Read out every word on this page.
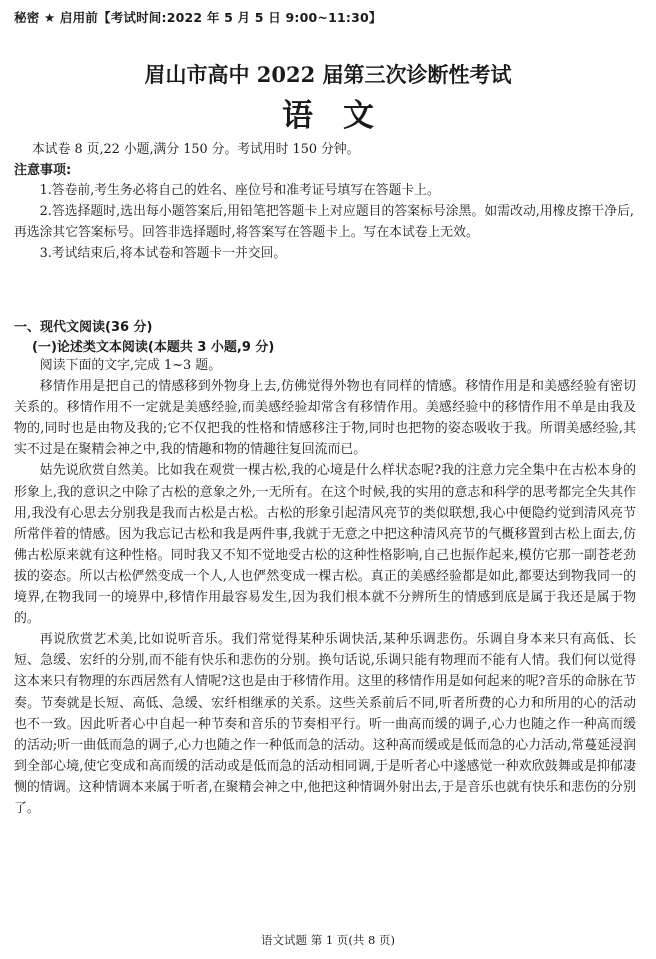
秘密 ★ 启用前【考试时间:2022 年 5 月 5 日 9:00~11:30】
眉山市高中 2022 届第三次诊断性考试
语文
本试卷 8 页,22 小题,满分 150 分。考试用时 150 分钟。
注意事项:

1.答卷前,考生务必将自己的姓名、座位号和准考证号填写在答题卡上。

2.答选择题时,选出每小题答案后,用铅笔把答题卡上对应题目的答案标号涂黑。如需改动,用橡皮擦干净后,再选涂其它答案标号。回答非选择题时,将答案写在答题卡上。写在本试卷上无效。

3.考试结束后,将本试卷和答题卡一并交回。

一、现代文阅读(36 分)
(一)论述类文本阅读(本题共 3 小题,9 分)

阅读下面的文字,完成 1~3 题。

移情作用是把自己的情感移到外物身上去,仿佛觉得外物也有同样的情感。移情作用是和美感经验有密切关系的。移情作用不一定就是美感经验,而美感经验却常含有移情作用。美感经验中的移情作用不单是由我及物的,同时也是由物及我的;它不仅把我的性格和情感移注于物,同时也把物的姿态吸收于我。所谓美感经验,其实不过是在聚精会神之中,我的情趣和物的情趣往复回流而已。

姑先说欣赏自然美。比如我在观赏一棵古松,我的心境是什么样状态呢?我的注意力完全集中在古松本身的形象上,我的意识之中除了古松的意象之外,一无所有。在这个时候,我的实用的意志和科学的思考都完全失其作用,我没有心思去分别我是我而古松是古松。古松的形象引起清风亮节的类似联想,我心中便隐约觉到清风亮节所常伴着的情感。因为我忘记古松和我是两件事,我就于无意之中把这种清风亮节的气概移置到古松上面去,仿佛古松原来就有这种性格。同时我又不知不觉地受古松的这种性格影响,自己也振作起来,模仿它那一副苍老劲拔的姿态。所以古松俨然变成一个人,人也俨然变成一棵古松。真正的美感经验都是如此,都要达到物我同一的境界,在物我同一的境界中,移情作用最容易发生,因为我们根本就不分辨所生的情感到底是属于我还是属于物的。

再说欣赏艺术美,比如说听音乐。我们常觉得某种乐调快活,某种乐调悲伤。乐调自身本来只有高低、长短、急缓、宏纤的分别,而不能有快乐和悲伤的分别。换句话说,乐调只能有物理而不能有人情。我们何以觉得这本来只有物理的东西居然有人情呢?这也是由于移情作用。这里的移情作用是如何起来的呢?音乐的命脉在节奏。节奏就是长短、高低、急缓、宏纤相继承的关系。这些关系前后不同,听者所费的心力和所用的心的活动也不一致。因此听者心中自起一种节奏和音乐的节奏相平行。听一曲高而缓的调子,心力也随之作一种高而缓的活动;听一曲低而急的调子,心力也随之作一种低而急的活动。这种高而缓或是低而急的心力活动,常蔓延浸润到全部心境,使它变成和高而缓的活动或是低而急的活动相同调,于是听者心中遂感觉一种欢欣鼓舞或是抑郁凄恻的情调。这种情调本来属于听者,在聚精会神之中,他把这种情调外射出去,于是音乐也就有快乐和悲伤的分别了。

语文试题 第 1 页(共 8 页)
